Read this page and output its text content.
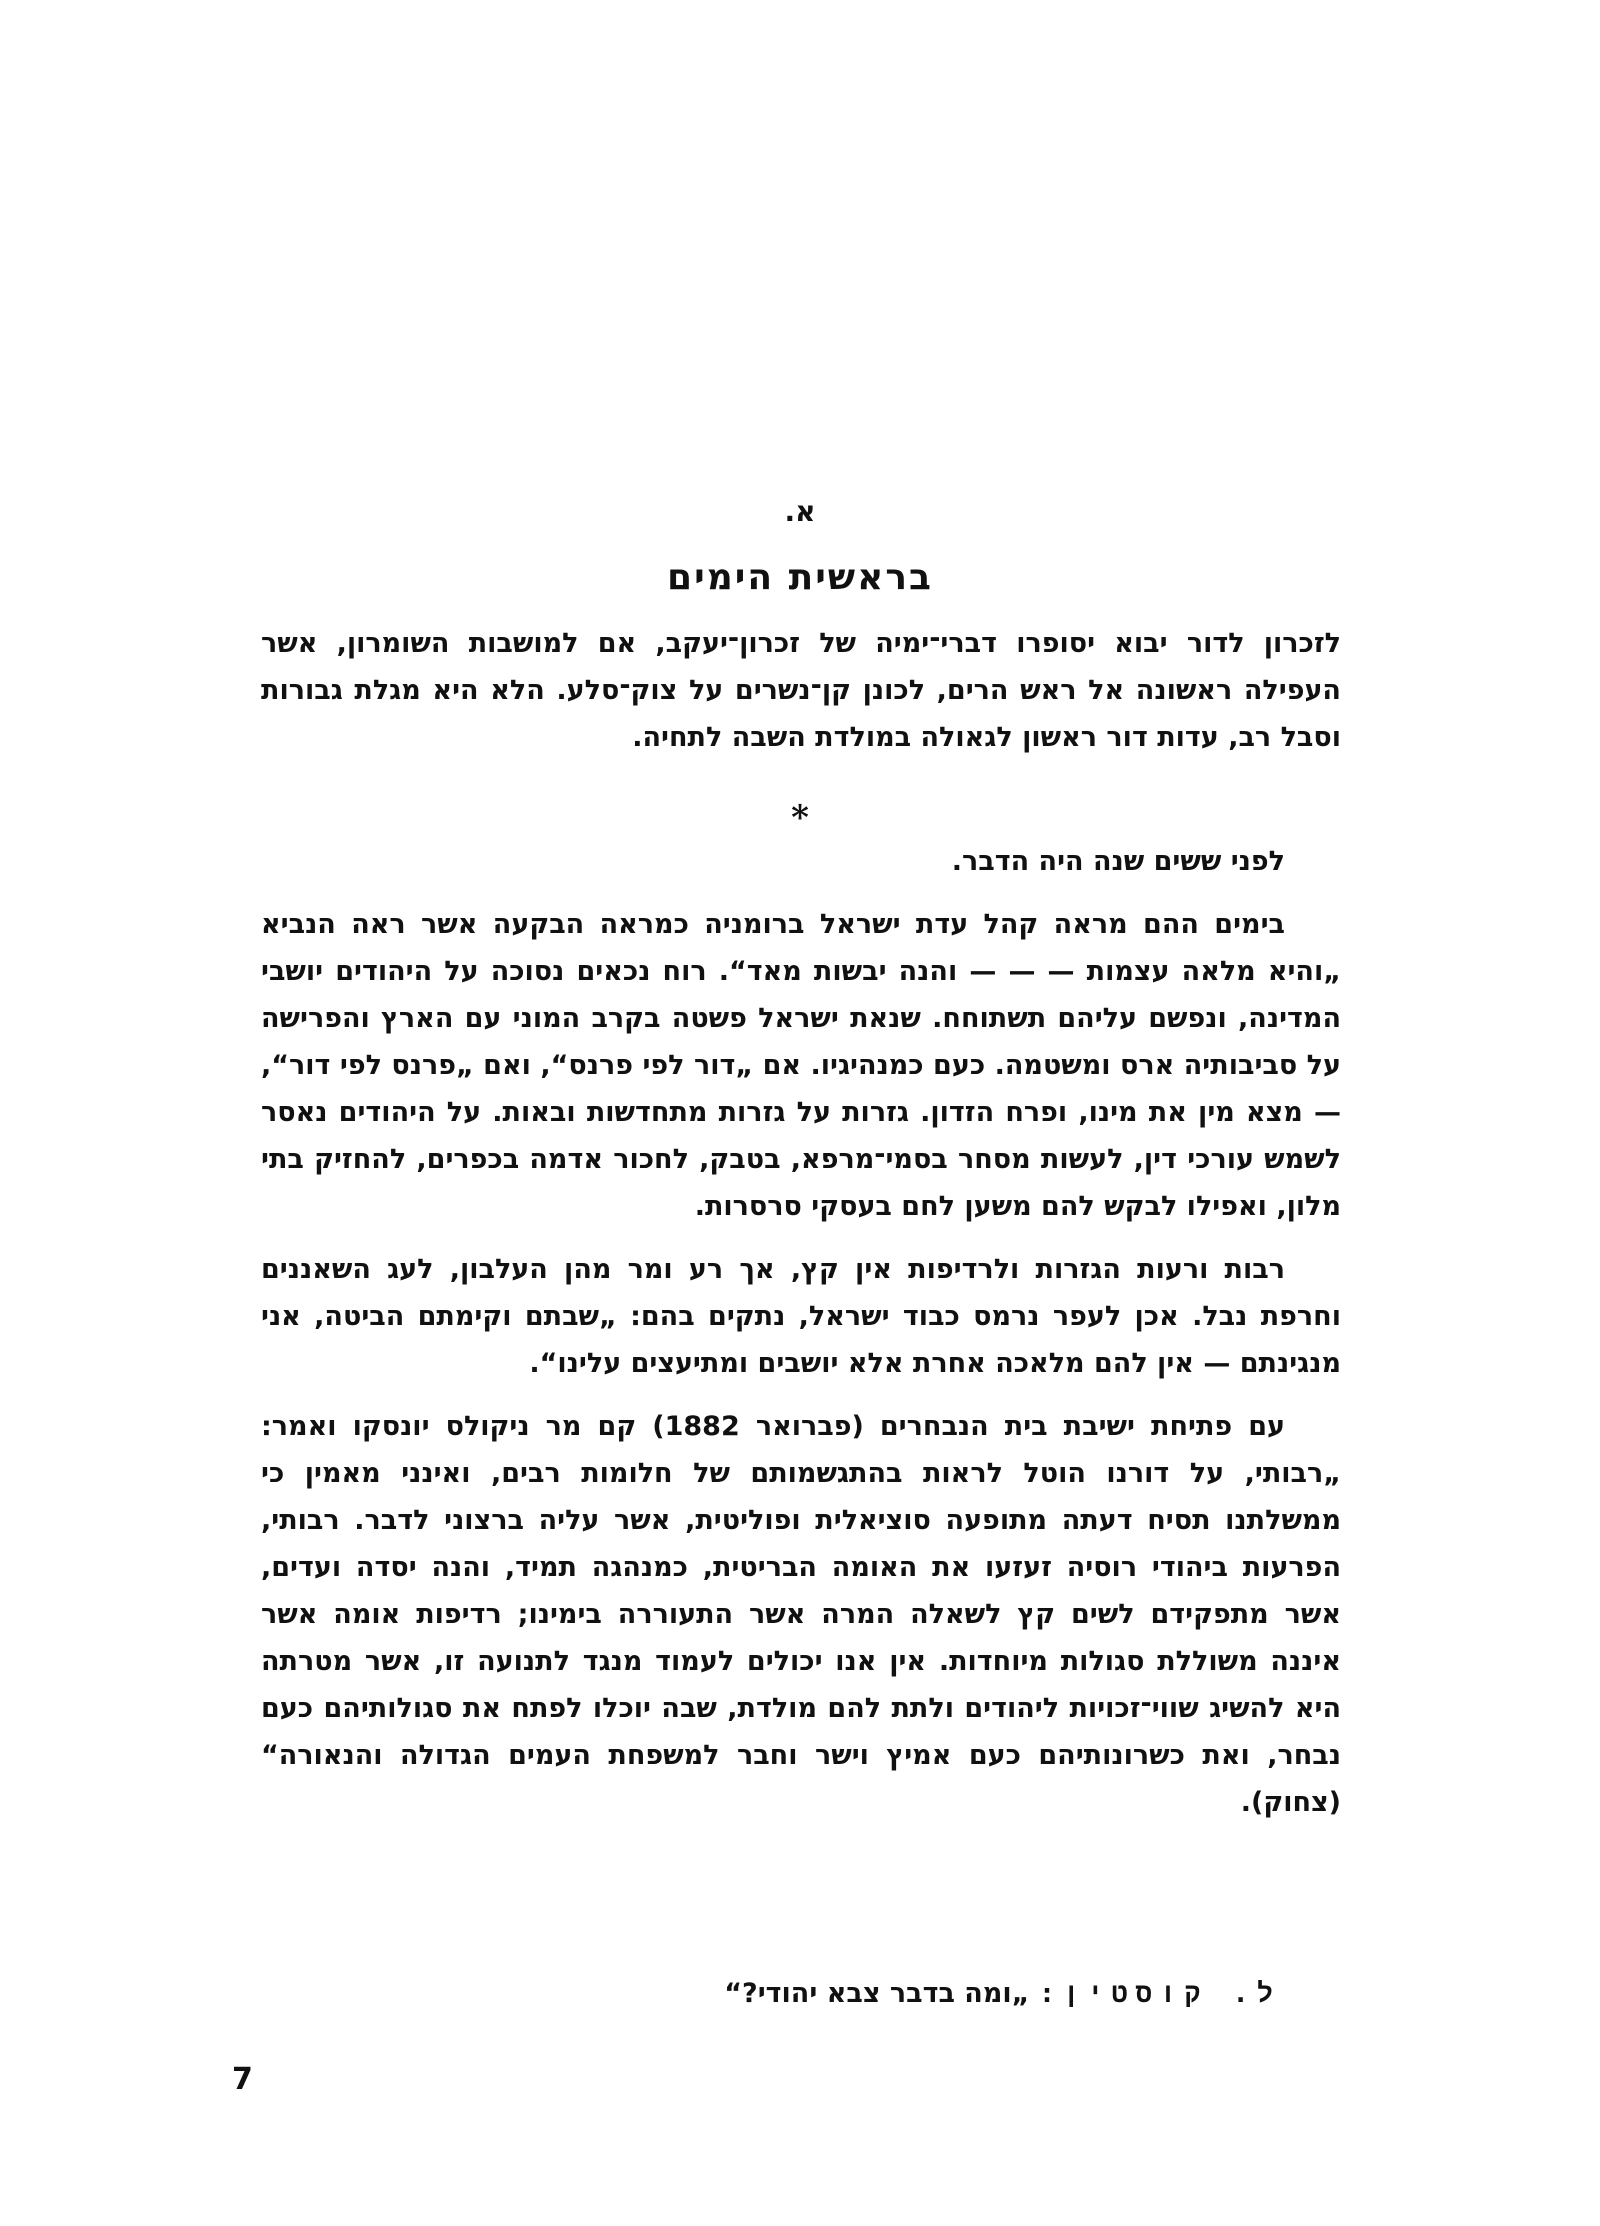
א.
בראשית הימים

לזכרון לדור יבוא יסופרו דברי־ימיה של זכרון־יעקב, אם למושבות השומרון, אשר העפילה ראשונה אל ראש הרים, לכונן קן־נשרים על צוק־סלע. הלא היא מגלת גבורות וסבל רב, עדות דור ראשון לגאולה במולדת השבה לתחיה.

*

לפני ששים שנה היה הדבר.

בימים ההם מראה קהל עדת ישראל ברומניה כמראה הבקעה אשר ראה הנביא „והיא מלאה עצמות — — — והנה יבשות מאד“. רוח נכאים נסוכה על היהודים יושבי המדינה, ונפשם עליהם תשתוחח. שנאת ישראל פשטה בקרב המוני עם הארץ והפרישה על סביבותיה ארס ומשטמה. כעם כמנהיגיו. אם „דור לפי פרנס“, ואם „פרנס לפי דור“, — מצא מין את מינו, ופרח הזדון. גזרות על גזרות מתחדשות ובאות. על היהודים נאסר לשמש עורכי דין, לעשות מסחר בסמי־מרפא, בטבק, לחכור אדמה בכפרים, להחזיק בתי מלון, ואפילו לבקש להם משען לחם בעסקי סרסרות.

רבות ורעות הגזרות ולרדיפות אין קץ, אך רע ומר מהן העלבון, לעג השאננים וחרפת נבל. אכן לעפר נרמס כבוד ישראל, נתקים בהם: „שבתם וקימתם הביטה, אני מנגינתם — אין להם מלאכה אחרת אלא יושבים ומתיעצים עלינו“.

עם פתיחת ישיבת בית הנבחרים (פברואר 1882) קם מר ניקולס יונסקו ואמר: „רבותי, על דורנו הוטל לראות בהתגשמותם של חלומות רבים, ואינני מאמין כי ממשלתנו תסיח דעתה מתופעה סוציאלית ופוליטית, אשר עליה ברצוני לדבר. רבותי, הפרעות ביהודי רוסיה זעזעו את האומה הבריטית, כמנהגה תמיד, והנה יסדה ועדים, אשר מתפקידם לשים קץ לשאלה המרה אשר התעוררה בימינו; רדיפות אומה אשר איננה משוללת סגולות מיוחדות. אין אנו יכולים לעמוד מנגד לתנועה זו, אשר מטרתה היא להשיג שווי־זכויות ליהודים ולתת להם מולדת, שבה יוכלו לפתח את סגולותיהם כעם נבחר, ואת כשרונותיהם כעם אמיץ וישר וחבר למשפחת העמים הגדולה והנאורה“ (צחוק).

ל. קוסטין: „ומה בדבר צבא יהודי?“
7
